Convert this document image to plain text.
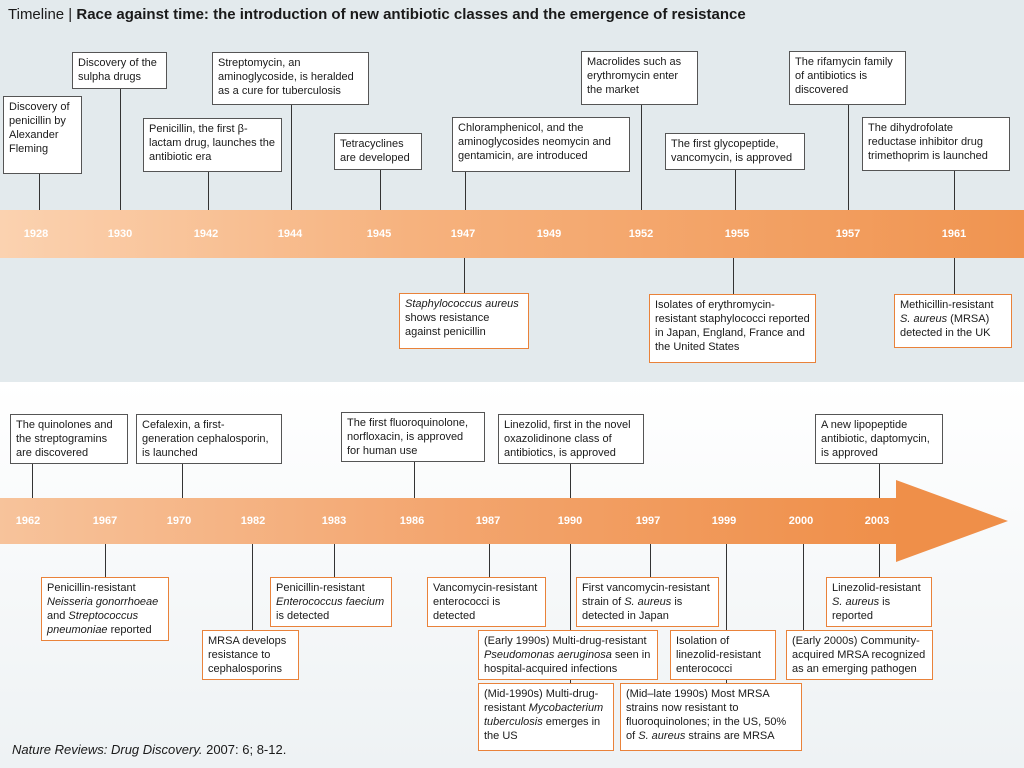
Timeline | Race against time: the introduction of new antibiotic classes and the emergence of resistance
1928	1930	1942	1944	1945	1947	1949	1952	1955	1957	1961
1962	1967	1970	1982	1983	1986	1987	1990	1997	1999	2000	2003
Discovery of penicillin by Alexander Fleming
Discovery of the sulpha drugs
Penicillin, the first β-lactam drug, launches the antibiotic era
Streptomycin, an aminoglycoside, is heralded as a cure for tuberculosis
Tetracyclines are developed
Chloramphenicol, and the aminoglycosides neomycin and gentamicin, are introduced
Macrolides such as erythromycin enter the market
The first glycopeptide, vancomycin, is approved
The rifamycin family of antibiotics is discovered
The dihydrofolate reductase inhibitor drug trimethoprim is launched
Staphylococcus aureus shows resistance against penicillin
Isolates of erythromycin-resistant staphylococci reported in Japan, England, France and the United States
Methicillin-resistant S. aureus (MRSA) detected in the UK
The quinolones and the streptogramins are discovered
Cefalexin, a first-generation cephalosporin, is launched
The first fluoroquinolone, norfloxacin, is approved for human use
Linezolid, first in the novel oxazolidinone class of antibiotics, is approved
A new lipopeptide antibiotic, daptomycin, is approved
Penicillin-resistant Neisseria gonorrhoeae and Streptococcus pneumoniae reported
MRSA develops resistance to cephalosporins
Penicillin-resistant Enterococcus faecium is detected
Vancomycin-resistant enterococci is detected
First vancomycin-resistant strain of S. aureus is detected in Japan
(Early 1990s) Multi-drug-resistant Pseudomonas aeruginosa seen in hospital-acquired infections
(Mid-1990s) Multi-drug-resistant Mycobacterium tuberculosis emerges in the US
(Mid–late 1990s) Most MRSA strains now resistant to fluoroquinolones; in the US, 50% of S. aureus strains are MRSA
Isolation of linezolid-resistant enterococci
(Early 2000s) Community-acquired MRSA recognized as an emerging pathogen
Linezolid-resistant S. aureus is reported
Nature Reviews: Drug Discovery. 2007: 6; 8-12.
